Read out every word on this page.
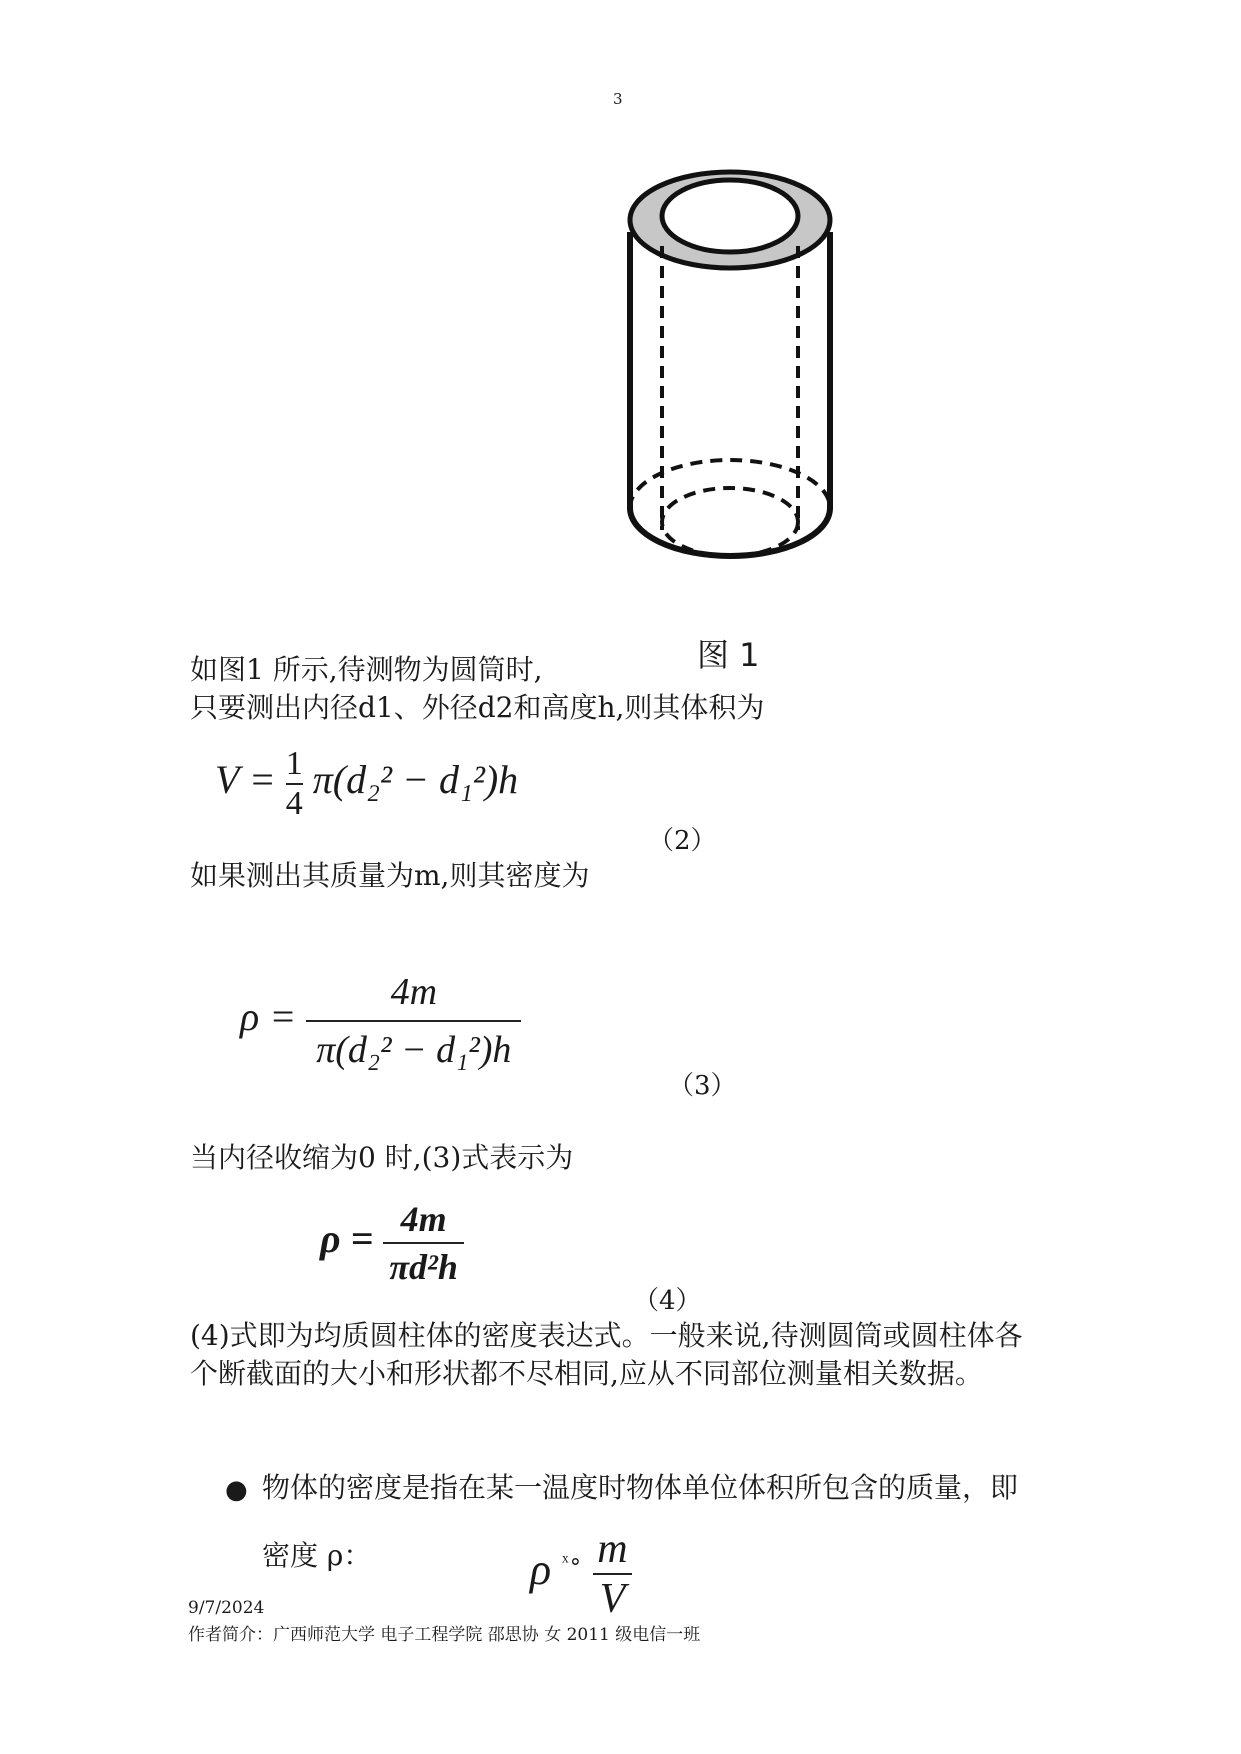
3
图 1
如图1 所示,待测物为圆筒时,
只要测出内径d1、外径d2和高度h,则其体积为
$V = \frac{1}{4} \pi(d_2^2 - d_1^2)h$
（2）
如果测出其质量为m,则其密度为
$\rho = \frac{4m}{\text{π(d₂² − d₁²)h}}$
（3）
当内径收缩为0 时,(3)式表示为
$\rho = \frac{4m}{\text{πd²h}}$
（4）
(4)式即为均质圆柱体的密度表达式。一般来说,待测圆筒或圆柱体各
个断截面的大小和形状都不尽相同,应从不同部位测量相关数据。
● 物体的密度是指在某一温度时物体单位体积所包含的质量，即
密度 ρ：	ρ $^{ˣ\circ} \frac{m}{V}$
9/7/2024
作者简介：广西师范大学 电子工程学院 邵思协 女 2011 级电信一班
